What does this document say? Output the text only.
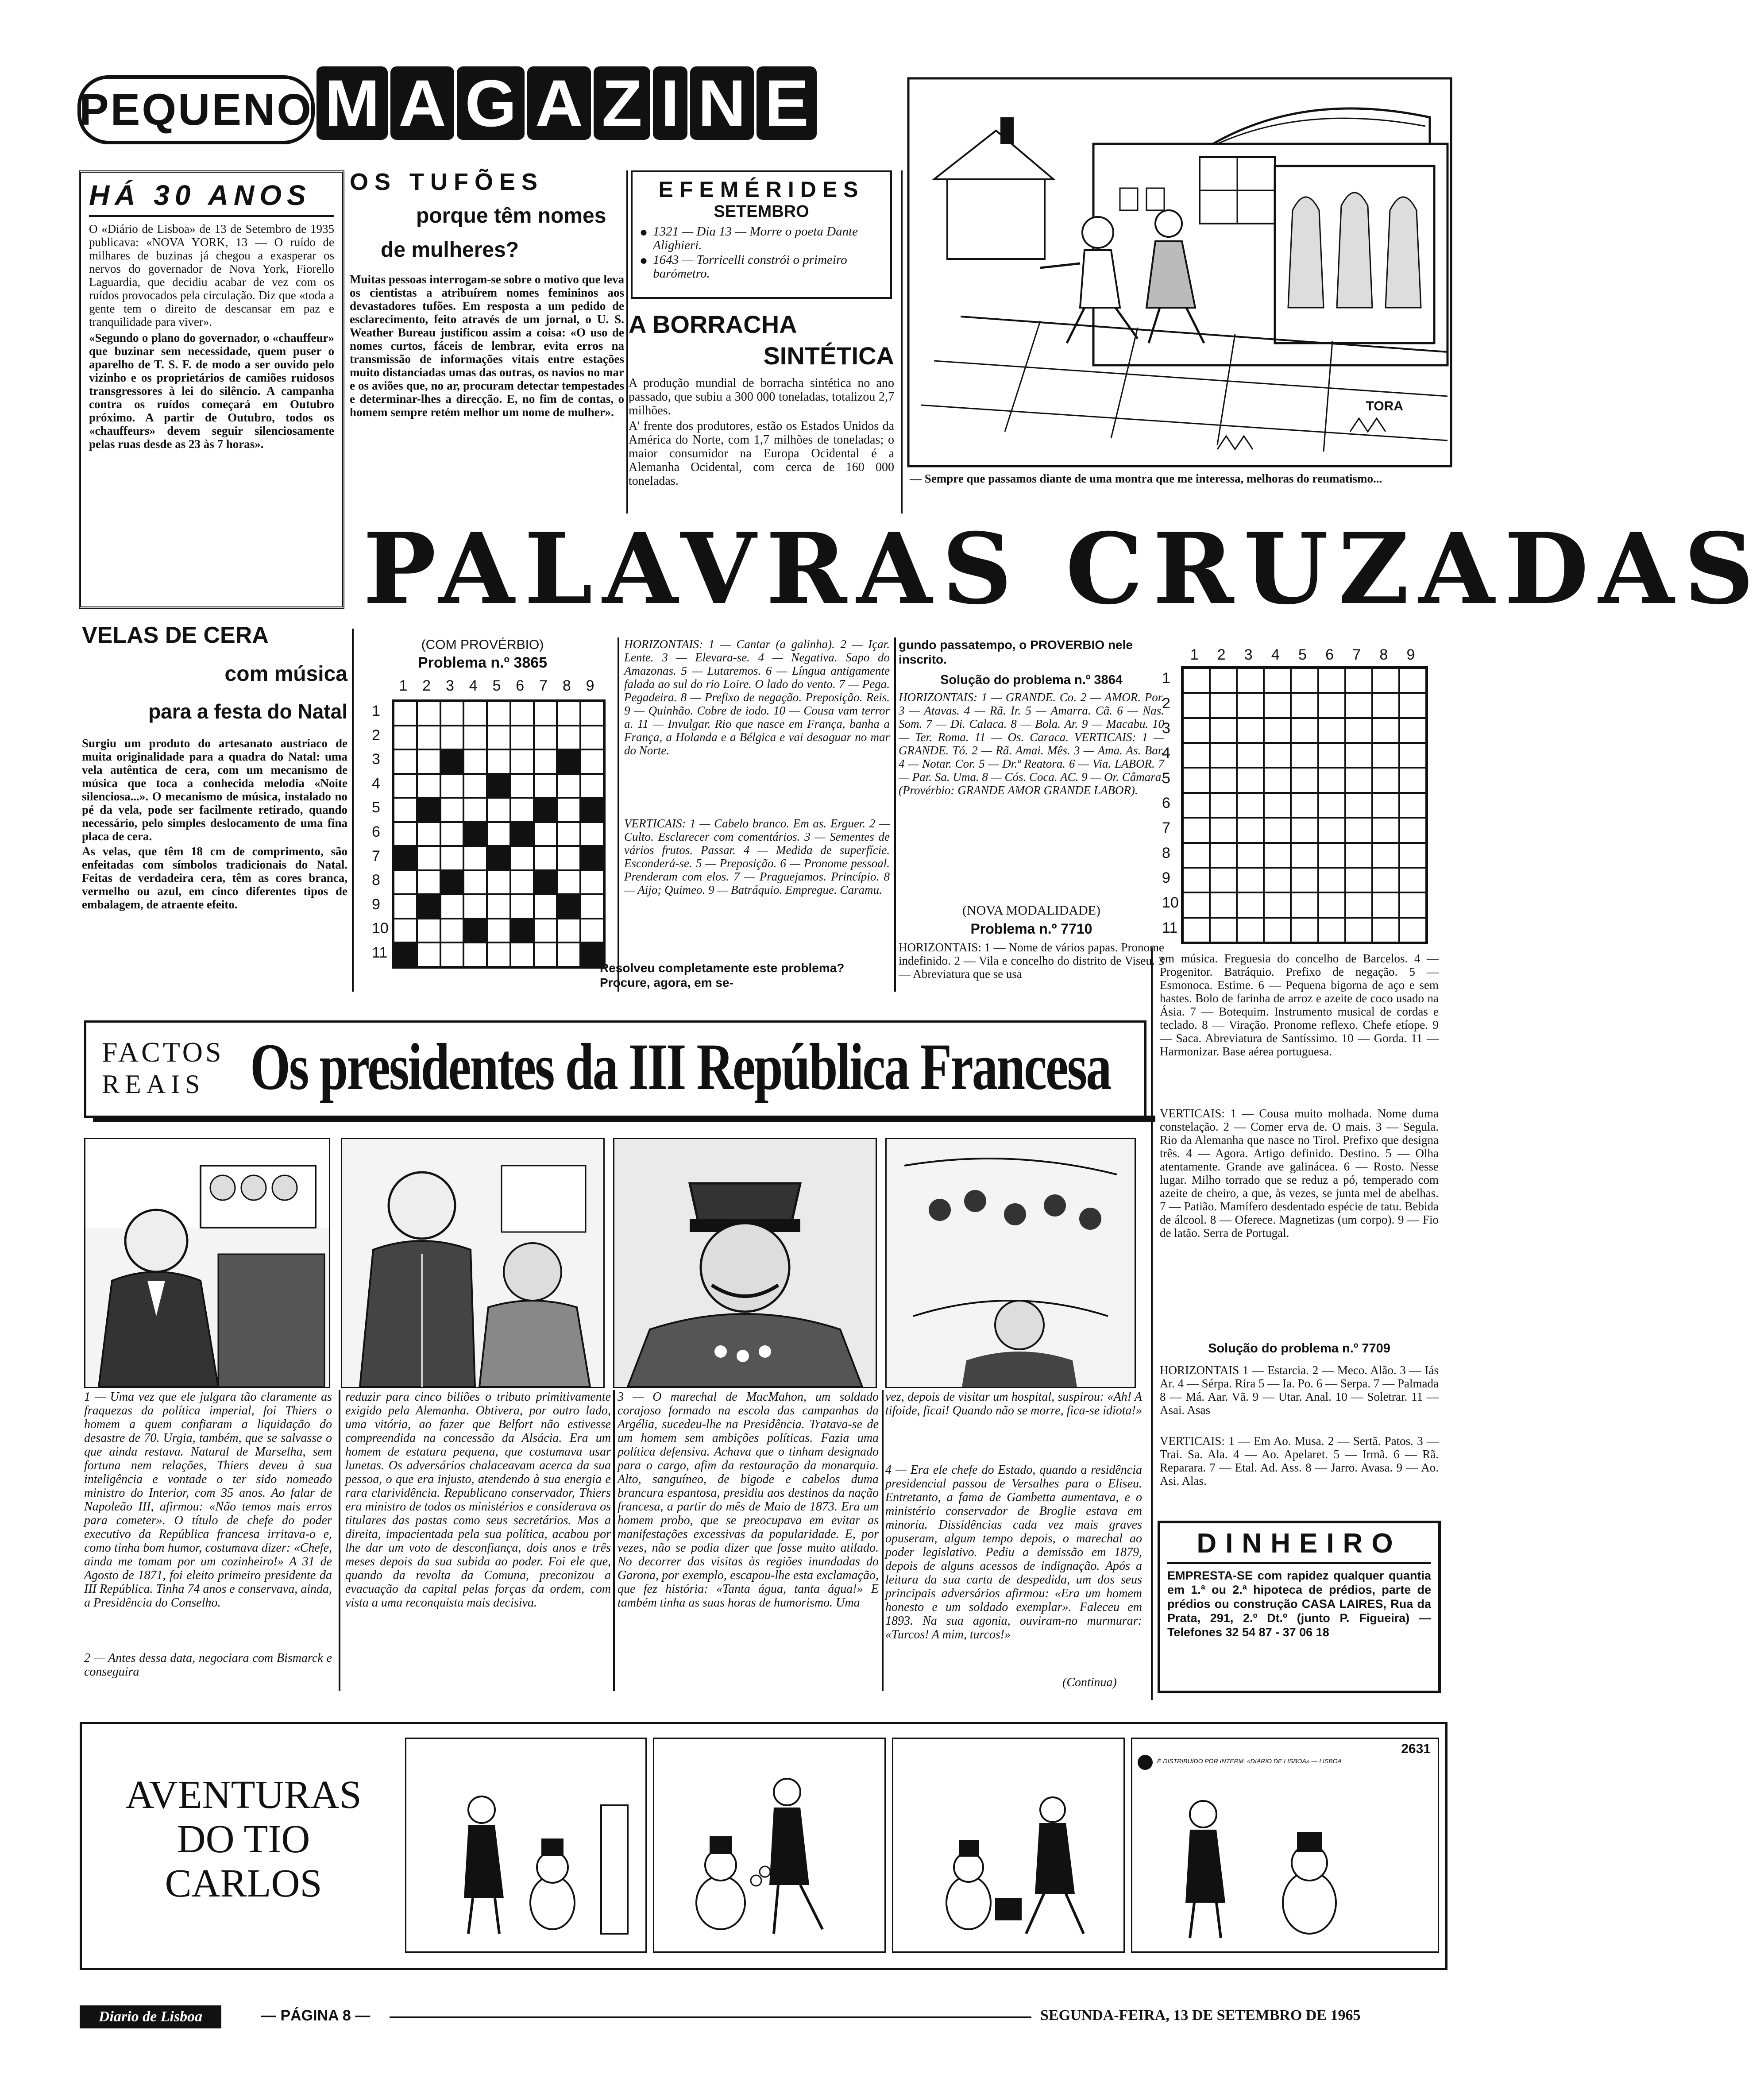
PEQUENO M A G A Z I N E
HÁ 30 ANOS
O «Diário de Lisboa» de 13 de Setembro de 1935 publicava: «NOVA YORK, 13 — O ruído de milhares de buzinas já chegou a exasperar os nervos do governador de Nova York, Fiorello Laguardia, que decidiu acabar de vez com os ruídos provocados pela circulação. Diz que «toda a gente tem o direito de descansar em paz e tranquilidade para viver».
«Segundo o plano do governador, o «chauffeur» que buzinar sem necessidade, quem puser o aparelho de T. S. F. de modo a ser ouvido pelo vizinho e os proprietários de camiões ruidosos transgressores à lei do silêncio. A campanha contra os ruídos começará em Outubro próximo. A partir de Outubro, todos os «chauffeurs» devem seguir silenciosamente pelas ruas desde as 23 às 7 horas».
OS TUFÕES
porque têm nomes
de mulheres?
Muitas pessoas interrogam-se sobre o motivo que leva os cientistas a atribuírem nomes femininos aos devastadores tufões. Em resposta a um pedido de esclarecimento, feito através de um jornal, o U. S. Weather Bureau justificou assim a coisa: «O uso de nomes curtos, fáceis de lembrar, evita erros na transmissão de informações vitais entre estações muito distanciadas umas das outras, os navios no mar e os aviões que, no ar, procuram detectar tempestades e determinar-lhes a direcção. E, no fim de contas, o homem sempre retém melhor um nome de mulher».
EFEMÉRIDES
SETEMBRO
● 1321 — Dia 13 — Morre o poeta Dante Alighieri.
● 1643 — Torricelli constrói o primeiro barómetro.
A BORRACHA
SINTÉTICA
A produção mundial de borracha sintética no ano passado, que subiu a 300 000 toneladas, totalizou 2,7 milhões.
A' frente dos produtores, estão os Estados Unidos da América do Norte, com 1,7 milhões de toneladas; o maior consumidor na Europa Ocidental é a Alemanha Ocidental, com cerca de 160 000 toneladas.
TORA
— Sempre que passamos diante de uma montra que me interessa, melhoras do reumatismo...
PALAVRAS CRUZADAS
VELAS DE CERA
com música
para a festa do Natal
Surgiu um produto do artesanato austríaco de muita originalidade para a quadra do Natal: uma vela autêntica de cera, com um mecanismo de música que toca a conhecida melodia «Noite silenciosa...». O mecanismo de música, instalado no pé da vela, pode ser facilmente retirado, quando necessário, pelo simples deslocamento de uma fina placa de cera.
As velas, que têm 18 cm de comprimento, são enfeitadas com símbolos tradicionais do Natal. Feitas de verdadeira cera, têm as cores branca, vermelho ou azul, em cinco diferentes tipos de embalagem, de atraente efeito.
(COM PROVÉRBIO)
Problema n.º 3865
1 2 3 4 5 6 7 8 9
1
2
3
4
5
6
7
8
9
10
11
HORIZONTAIS: 1 — Cantar (a galinha). 2 — Içar. Lente. 3 — Elevara-se. 4 — Negativa. Sapo do Amazonas. 5 — Lutaremos. 6 — Língua antigamente falada ao sul do rio Loire. O lado do vento. 7 — Pega. Pegadeira. 8 — Prefixo de negação. Preposição. Reis. 9 — Quinhão. Cobre de iodo. 10 — Cousa vam terror a. 11 — Invulgar. Rio que nasce em França, banha a França, a Holanda e a Bélgica e vai desaguar no mar do Norte.
VERTICAIS: 1 — Cabelo branco. Em as. Erguer. 2 — Culto. Esclarecer com comentários. 3 — Sementes de vários frutos. Passar. 4 — Medida de superfície. Esconderá-se. 5 — Preposição. 6 — Pronome pessoal. Prenderam com elos. 7 — Praguejamos. Princípio. 8 — Aijo; Quimeo. 9 — Batráquio. Empregue. Caramu.
Resolveu completamente este problema? Procure, agora, em se-
gundo passatempo, o PROVERBIO nele inscrito.
Solução do problema n.º 3864
HORIZONTAIS: 1 — GRANDE. Co. 2 — AMOR. Por. 3 — Atavas. 4 — Rã. Ir. 5 — Amarra. Cã. 6 — Nas. Som. 7 — Di. Calaca. 8 — Bola. Ar. 9 — Macabu. 10 — Ter. Roma. 11 — Os. Caraca. VERTICAIS: 1 — GRANDE. Tó. 2 — Rã. Amai. Mês. 3 — Ama. As. Bar. 4 — Notar. Cor. 5 — Dr.ª Reatora. 6 — Via. LABOR. 7 — Par. Sa. Uma. 8 — Cós. Coca. AC. 9 — Or. Câmara. (Provérbio: GRANDE AMOR GRANDE LABOR).
(NOVA MODALIDADE)
Problema n.º 7710
HORIZONTAIS: 1 — Nome de vários papas. Pronome indefinido. 2 — Vila e concelho do distrito de Viseu. 3 — Abreviatura que se usa
1 2 3 4 5 6 7 8 9
1
2
3
4
5
6
7
8
9
10
11
em música. Freguesia do concelho de Barcelos. 4 — Progenitor. Batráquio. Prefixo de negação. 5 — Esmonoca. Estime. 6 — Pequena bigorna de aço e sem hastes. Bolo de farinha de arroz e azeite de coco usado na Ásia. 7 — Botequim. Instrumento musical de cordas e teclado. 8 — Viração. Pronome reflexo. Chefe etíope. 9 — Saca. Abreviatura de Santíssimo. 10 — Gorda. 11 — Harmonizar. Base aérea portuguesa.
VERTICAIS: 1 — Cousa muito molhada. Nome duma constelação. 2 — Comer erva de. O mais. 3 — Segula. Rio da Alemanha que nasce no Tirol. Prefixo que designa três. 4 — Agora. Artigo definido. Destino. 5 — Olha atentamente. Grande ave galinácea. 6 — Rosto. Nesse lugar. Milho torrado que se reduz a pó, temperado com azeite de cheiro, a que, às vezes, se junta mel de abelhas. 7 — Patião. Mamífero desdentado espécie de tatu. Bebida de álcool. 8 — Oferece. Magnetizas (um corpo). 9 — Fio de latão. Serra de Portugal.
Solução do problema n.º 7709
HORIZONTAIS 1 — Estarcia. 2 — Meco. Alão. 3 — Iás Ar. 4 — Sérpa. Rira 5 — Ia. Po. 6 — Serpa. 7 — Palmada 8 — Má. Aar. Vã. 9 — Utar. Anal. 10 — Soletrar. 11 — Asai. Asas
VERTICAIS: 1 — Em Ao. Musa. 2 — Sertã. Patos. 3 — Trai. Sa. Ala. 4 — Ao. Apelaret. 5 — Irmã. 6 — Rã. Reparara. 7 — Etal. Ad. Ass. 8 — Jarro. Avasa. 9 — Ao. Asi. Alas.
FACTOS
REAIS Os presidentes da III República Francesa
1 — Uma vez que ele julgara tão claramente as fraquezas da política imperial, foi Thiers o homem a quem confiaram a liquidação do desastre de 70. Urgia, também, que se salvasse o que ainda restava. Natural de Marselha, sem fortuna nem relações, Thiers deveu à sua inteligência e vontade o ter sido nomeado ministro do Interior, com 35 anos. Ao falar de Napoleão III, afirmou: «Não temos mais erros para cometer». O título de chefe do poder executivo da República francesa irritava-o e, como tinha bom humor, costumava dizer: «Chefe, ainda me tomam por um cozinheiro!» A 31 de Agosto de 1871, foi eleito primeiro presidente da III República. Tinha 74 anos e conservava, ainda, a Presidência do Conselho.
2 — Antes dessa data, negociara com Bismarck e conseguira
reduzir para cinco biliões o tributo primitivamente exigido pela Alemanha. Obtivera, por outro lado, uma vitória, ao fazer que Belfort não estivesse compreendida na concessão da Alsácia. Era um homem de estatura pequena, que costumava usar lunetas. Os adversários chalaceavam acerca da sua pessoa, o que era injusto, atendendo à sua energia e rara clarividência. Republicano conservador, Thiers era ministro de todos os ministérios e considerava os titulares das pastas como seus secretários. Mas a direita, impacientada pela sua política, acabou por lhe dar um voto de desconfiança, dois anos e três meses depois da sua subida ao poder. Foi ele que, quando da revolta da Comuna, preconizou a evacuação da capital pelas forças da ordem, com vista a uma reconquista mais decisiva.
3 — O marechal de MacMahon, um soldado corajoso formado na escola das campanhas da Argélia, sucedeu-lhe na Presidência. Tratava-se de um homem sem ambições políticas. Fazia uma política defensiva. Achava que o tinham designado para o cargo, afim da restauração da monarquia. Alto, sanguíneo, de bigode e cabelos duma brancura espantosa, presidiu aos destinos da nação francesa, a partir do mês de Maio de 1873. Era um homem probo, que se preocupava em evitar as manifestações excessivas da popularidade. E, por vezes, não se podia dizer que fosse muito atilado. No decorrer das visitas às regiões inundadas do Garona, por exemplo, escapou-lhe esta exclamação, que fez história: «Tanta água, tanta água!» E também tinha as suas horas de humorismo. Uma
vez, depois de visitar um hospital, suspirou: «Ah! A tifoide, ficai! Quando não se morre, fica-se idiota!»
4 — Era ele chefe do Estado, quando a residência presidencial passou de Versalhes para o Eliseu. Entretanto, a fama de Gambetta aumentava, e o ministério conservador de Broglie estava em minoria. Dissidências cada vez mais graves opuseram, algum tempo depois, o marechal ao poder legislativo. Pediu a demissão em 1879, depois de alguns acessos de indignação. Após a leitura da sua carta de despedida, um dos seus principais adversários afirmou: «Era um homem honesto e um soldado exemplar». Faleceu em 1893. Na sua agonia, ouviram-no murmurar: «Turcos! A mim, turcos!»
(Continua)
DINHEIRO
EMPRESTA-SE com rapidez qualquer quantia em 1.ª ou 2.ª hipoteca de prédios, parte de prédios ou construção CASA LAIRES, Rua da Prata, 291, 2.º Dt.º (junto P. Figueira) — Telefones 32 54 87 - 37 06 18
AVENTURAS
DO TIO
CARLOS
2631
É DISTRIBUÍDO POR INTERM. «DIÁRIO DE LISBOA» — LISBOA
Diario de Lisboa	— PÁGINA 8 —	SEGUNDA-FEIRA, 13 DE SETEMBRO DE 1965
